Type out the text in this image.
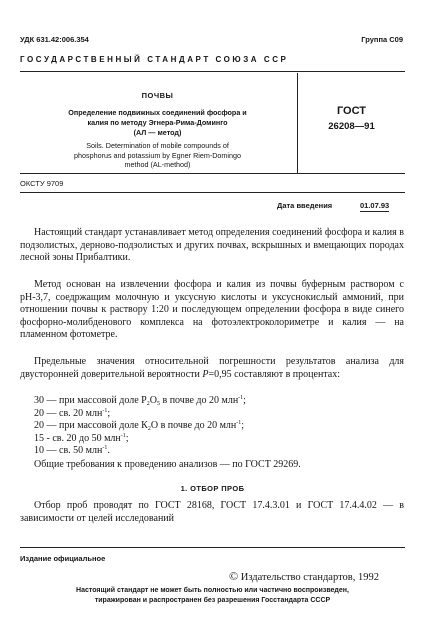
УДК 631.42:006.354	Группа С09
ГОСУДАРСТВЕННЫЙ СТАНДАРТ СОЮЗА ССР
ПОЧВЫ
Определение подвижных соединений фосфора и
калия по методу Эгнера-Рима-Доминго
(АЛ — метод)
Soils. Determination of mobile compounds of
phosphorus and potassium by Egner Riem-Domingo
method (AL-method)
ГОСТ
26208—91
ОКСТУ 9709
Дата введения	01.07.93
Настоящий стандарт устанавливает метод определения соединений фосфора и калия в подзолистых, дерново-подзолистых и других почвах, вскрышных и вмещающих породах лесной зоны Прибалтики.
Метод основан на извлечении фосфора и калия из почвы буферным раствором с рН-3,7, соедржащим молочную и уксусную кислоты и уксуснокислый аммоний, при отношении почвы к раствору 1:20 и последующем определении фосфора в виде синего фосфорно-молибденового комплекса на фотоэлектроколориметре и калия — на пламенном фотометре.
Предельные значения относительной погрешности результатов анализа для двусторонней доверительной вероятности Р=0,95 составляют в процентах:
30 — при массовой доле $Р_2О_5$ в почве до 20 млн$^{-1}$;
20 — св. 20 млн$^{-1}$;
20 — при массовой доле $К_2О$ в почве до 20 млн$^{-1}$;
15 - св. 20 до 50 млн$^{-1}$;
10 — св. 50 млн$^{-1}$.
Общие требования к проведению анализов — по ГОСТ 29269.
1. ОТБОР ПРОБ
Отбор проб проводят по ГОСТ 28168, ГОСТ 17.4.3.01 и ГОСТ 17.4.4.02 — в зависимости от целей исследований
Издание официальное
© Издательство стандартов, 1992
Настоящий стандарт не может быть полностью или частично воспроизведен,
тиражирован и распространен без разрешения Госстандарта СССР
